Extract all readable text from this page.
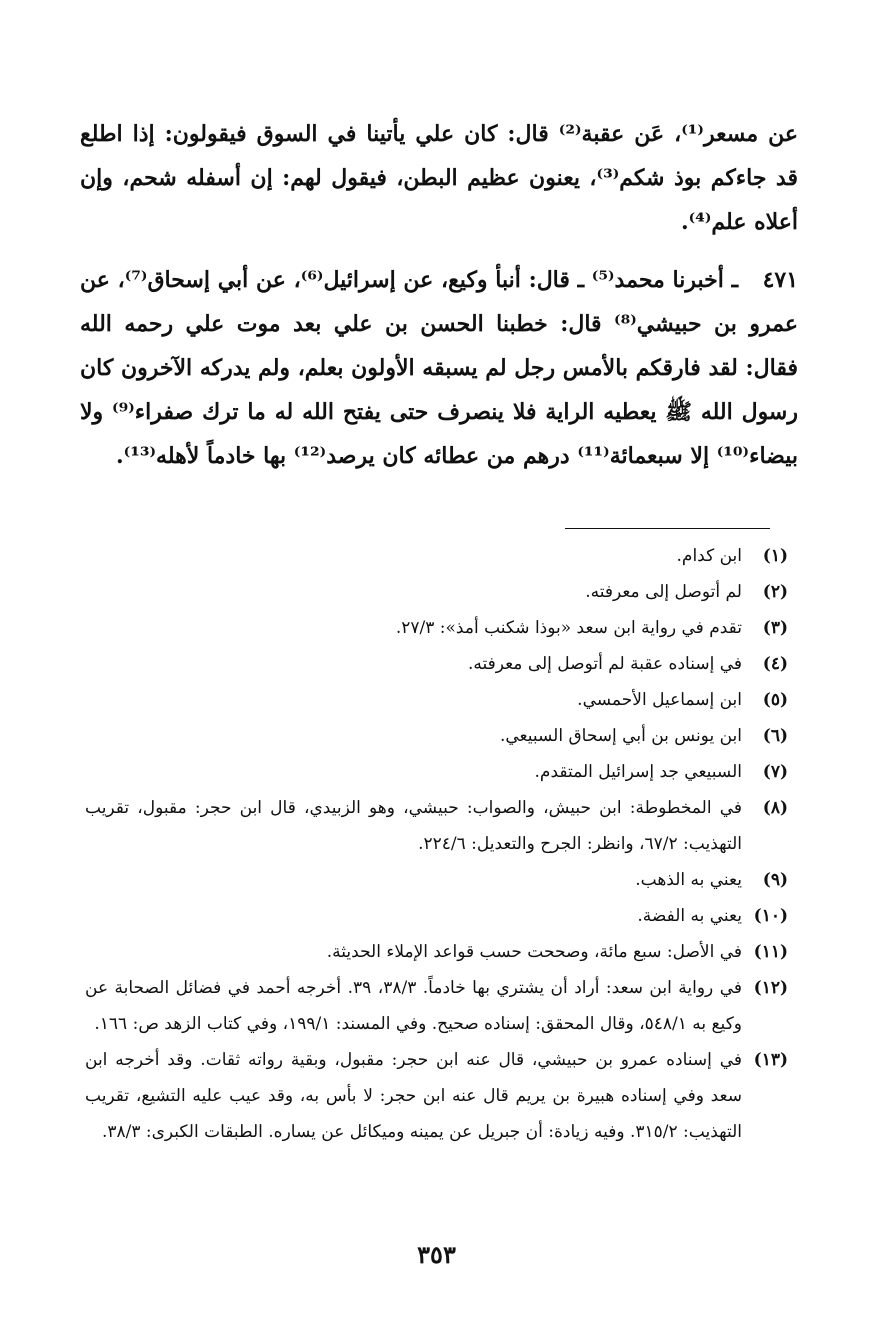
عن مسعر⁽¹⁾، عَن عقبة⁽²⁾ قال: كان علي يأتينا في السوق فيقولون: إذا اطلع قد جاءكم بوذ شكم⁽³⁾، يعنون عظيم البطن، فيقول لهم: إن أسفله شحم، وإن أعلاه علم⁽⁴⁾.

٤٧١ـ أخبرنا محمد⁽⁵⁾ ـ قال: أنبأ وكيع، عن إسرائيل⁽⁶⁾، عن أبي إسحاق⁽⁷⁾، عن عمرو بن حبيشي⁽⁸⁾ قال: خطبنا الحسن بن علي بعد موت علي رحمه الله فقال: لقد فارقكم بالأمس رجل لم يسبقه الأولون بعلم، ولم يدركه الآخرون كان رسول الله ﷺ يعطيه الراية فلا ينصرف حتى يفتح الله له ما ترك صفراء⁽⁹⁾ ولا بيضاء⁽¹⁰⁾ إلا سبعمائة⁽¹¹⁾ درهم من عطائه كان يرصد⁽¹²⁾ بها خادماً لأهله⁽¹³⁾.

(١)
ابن كدام.
(٢)
لم أتوصل إلى معرفته.
(٣)
تقدم في رواية ابن سعد «بوذا شكنب أمذ»: ٢٧/٣.
(٤)
في إسناده عقبة لم أتوصل إلى معرفته.
(٥)
ابن إسماعيل الأحمسي.
(٦)
ابن يونس بن أبي إسحاق السبيعي.
(٧)
السبيعي جد إسرائيل المتقدم.
(٨)
في المخطوطة: ابن حبيش، والصواب: حبيشي، وهو الزبيدي، قال ابن حجر: مقبول، تقريب التهذيب: ٦٧/٢، وانظر: الجرح والتعديل: ٢٢٤/٦.
(٩)
يعني به الذهب.
(١٠)
يعني به الفضة.
(١١)
في الأصل: سبع مائة، وصححت حسب قواعد الإملاء الحديثة.
(١٢)
في رواية ابن سعد: أراد أن يشتري بها خادماً. ٣٨/٣، ٣٩. أخرجه أحمد في فضائل الصحابة عن وكيع به ٥٤٨/١، وقال المحقق: إسناده صحيح. وفي المسند: ١٩٩/١، وفي كتاب الزهد ص: ١٦٦.
(١٣)
في إسناده عمرو بن حبيشي، قال عنه ابن حجر: مقبول، وبقية رواته ثقات. وقد أخرجه ابن سعد وفي إسناده هبيرة بن يريم قال عنه ابن حجر: لا بأس به، وقد عيب عليه التشيع، تقريب التهذيب: ٣١٥/٢. وفيه زيادة: أن جبريل عن يمينه وميكائل عن يساره. الطبقات الكبرى: ٣٨/٣.
٣٥٣
